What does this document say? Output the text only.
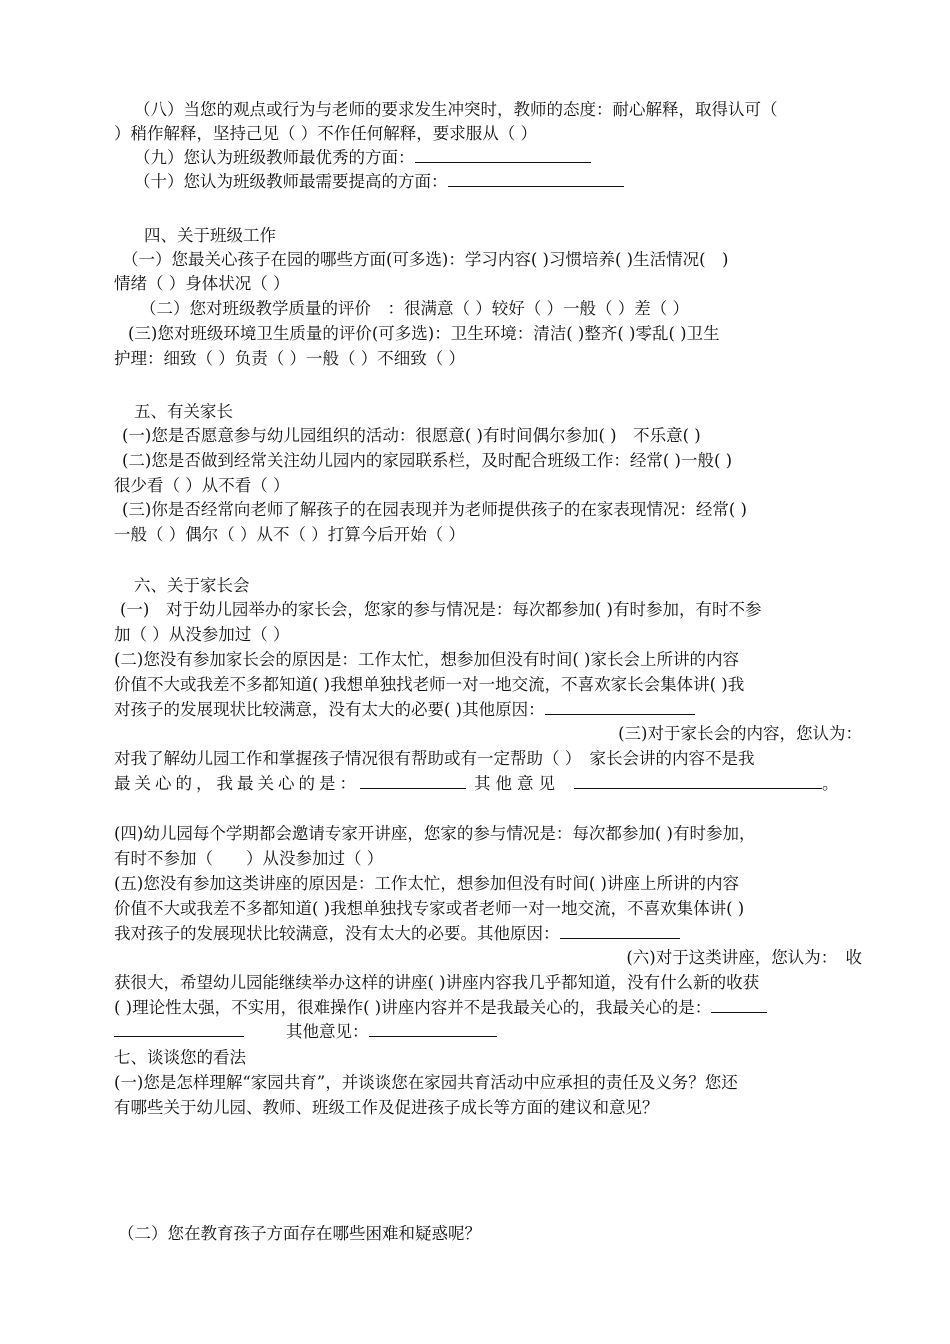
（八）当您的观点或行为与老师的要求发生冲突时，教师的态度：耐心解释，取得认可（
）稍作解释，坚持己见（ ）不作任何解释，要求服从（ ）
（九）您认为班级教师最优秀的方面：
（十）您认为班级教师最需要提高的方面：
四、关于班级工作
（一）您最关心孩子在园的哪些方面(可多选)：学习内容( )习惯培养( )生活情况(　)
情绪（ ）身体状况（ ）
（二）您对班级教学质量的评价　：很满意（ ）较好（ ）一般（ ）差（ ）
(三)您对班级环境卫生质量的评价(可多选)：卫生环境：清洁( )整齐( )零乱( )卫生
护理：细致（ ）负责（ ）一般（ ）不细致（ ）
五、有关家长
(一)您是否愿意参与幼儿园组织的活动：很愿意( )有时间偶尔参加( )　不乐意( )
(二)您是否做到经常关注幼儿园内的家园联系栏，及时配合班级工作：经常( )一般( )
很少看（ ）从不看（ ）
(三)你是否经常向老师了解孩子的在园表现并为老师提供孩子的在家表现情况：经常( )
一般（ ）偶尔（ ）从不（ ）打算今后开始（ ）
六、关于家长会
(一)　对于幼儿园举办的家长会，您家的参与情况是：每次都参加( )有时参加，有时不参
加（ ）从没参加过（ ）
(二)您没有参加家长会的原因是：工作太忙，想参加但没有时间( )家长会上所讲的内容
价值不大或我差不多都知道( )我想单独找老师一对一地交流，不喜欢家长会集体讲( )我
对孩子的发展现状比较满意，没有太大的必要( )其他原因：
(三)对于家长会的内容，您认为：
对我了解幼儿园工作和掌握孩子情况很有帮助或有一定帮助（ ）　家长会讲的内容不是我
最关心的，我最关心的是：	其他意见	。
(四)幼儿园每个学期都会邀请专家开讲座，您家的参与情况是：每次都参加( )有时参加，
有时不参加（　　）从没参加过（ ）
(五)您没有参加这类讲座的原因是：工作太忙，想参加但没有时间( )讲座上所讲的内容
价值不大或我差不多都知道( )我想单独找专家或者老师一对一地交流，不喜欢集体讲( )
我对孩子的发展现状比较满意，没有太大的必要。其他原因：
(六)对于这类讲座，您认为：　收
获很大，希望幼儿园能继续举办这样的讲座( )讲座内容我几乎都知道，没有什么新的收获
( )理论性太强，不实用，很难操作( )讲座内容并不是我最关心的，我最关心的是：
其他意见：
七、谈谈您的看法
(一)您是怎样理解“家园共育”，并谈谈您在家园共育活动中应承担的责任及义务？您还
有哪些关于幼儿园、教师、班级工作及促进孩子成长等方面的建议和意见？
（二）您在教育孩子方面存在哪些困难和疑惑呢？
